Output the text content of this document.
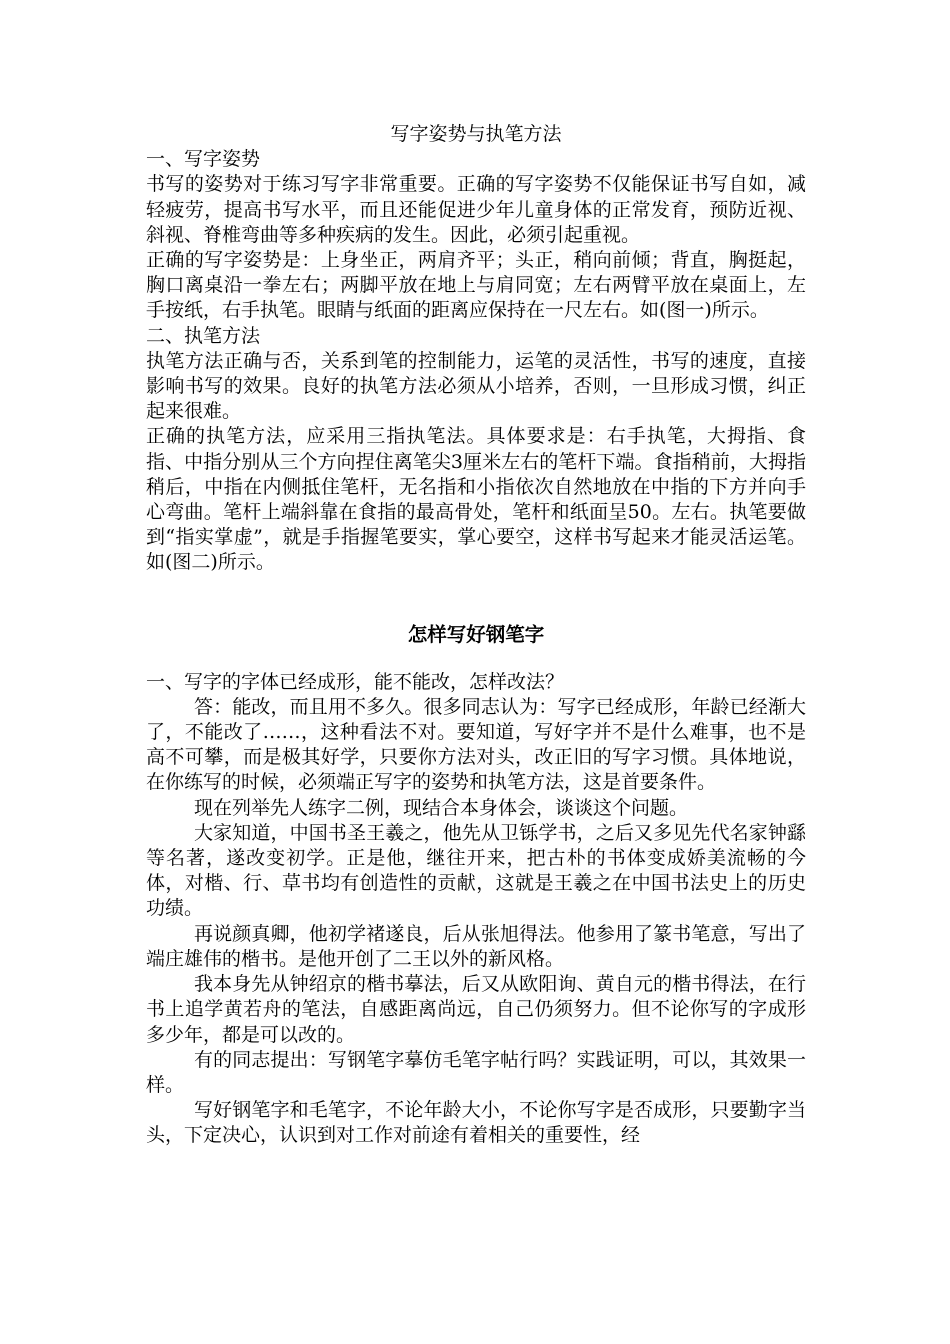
写字姿势与执笔方法
一、写字姿势

书写的姿势对于练习写字非常重要。正确的写字姿势不仅能保证书写自如，减轻疲劳，提高书写水平，而且还能促进少年儿童身体的正常发育，预防近视、斜视、脊椎弯曲等多种疾病的发生。因此，必须引起重视。

正确的写字姿势是：上身坐正，两肩齐平；头正，稍向前倾；背直，胸挺起，胸口离桌沿一拳左右；两脚平放在地上与肩同宽；左右两臂平放在桌面上，左手按纸，右手执笔。眼睛与纸面的距离应保持在一尺左右。如(图一)所示。

二、执笔方法

执笔方法正确与否，关系到笔的控制能力，运笔的灵活性，书写的速度，直接影响书写的效果。良好的执笔方法必须从小培养，否则，一旦形成习惯，纠正起来很难。

正确的执笔方法，应采用三指执笔法。具体要求是：右手执笔，大拇指、食指、中指分别从三个方向捏住离笔尖3厘米左右的笔杆下端。食指稍前，大拇指稍后，中指在内侧抵住笔杆，无名指和小指依次自然地放在中指的下方并向手心弯曲。笔杆上端斜靠在食指的最高骨处，笔杆和纸面呈50。左右。执笔要做到“指实掌虚”，就是手指握笔要实，掌心要空，这样书写起来才能灵活运笔。如(图二)所示。

怎样写好钢笔字

一、写字的字体已经成形，能不能改，怎样改法？

答：能改，而且用不多久。很多同志认为：写字已经成形，年龄已经渐大了，不能改了……，这种看法不对。要知道，写好字并不是什么难事，也不是高不可攀，而是极其好学，只要你方法对头，改正旧的写字习惯。具体地说，在你练写的时候，必须端正写字的姿势和执笔方法，这是首要条件。

现在列举先人练字二例，现结合本身体会，谈谈这个问题。

大家知道，中国书圣王羲之，他先从卫铄学书，之后又多见先代名家钟繇等名著，遂改变初学。正是他，继往开来，把古朴的书体变成娇美流畅的今体，对楷、行、草书均有创造性的贡献，这就是王羲之在中国书法史上的历史功绩。

再说颜真卿，他初学褚遂良，后从张旭得法。他参用了篆书笔意，写出了端庄雄伟的楷书。是他开创了二王以外的新风格。

我本身先从钟绍京的楷书摹法，后又从欧阳询、黄自元的楷书得法，在行书上追学黄若舟的笔法，自感距离尚远，自己仍须努力。但不论你写的字成形多少年，都是可以改的。

有的同志提出：写钢笔字摹仿毛笔字帖行吗？实践证明，可以，其效果一样。

写好钢笔字和毛笔字，不论年龄大小，不论你写字是否成形，只要勤字当头，下定决心，认识到对工作对前途有着相关的重要性，经
